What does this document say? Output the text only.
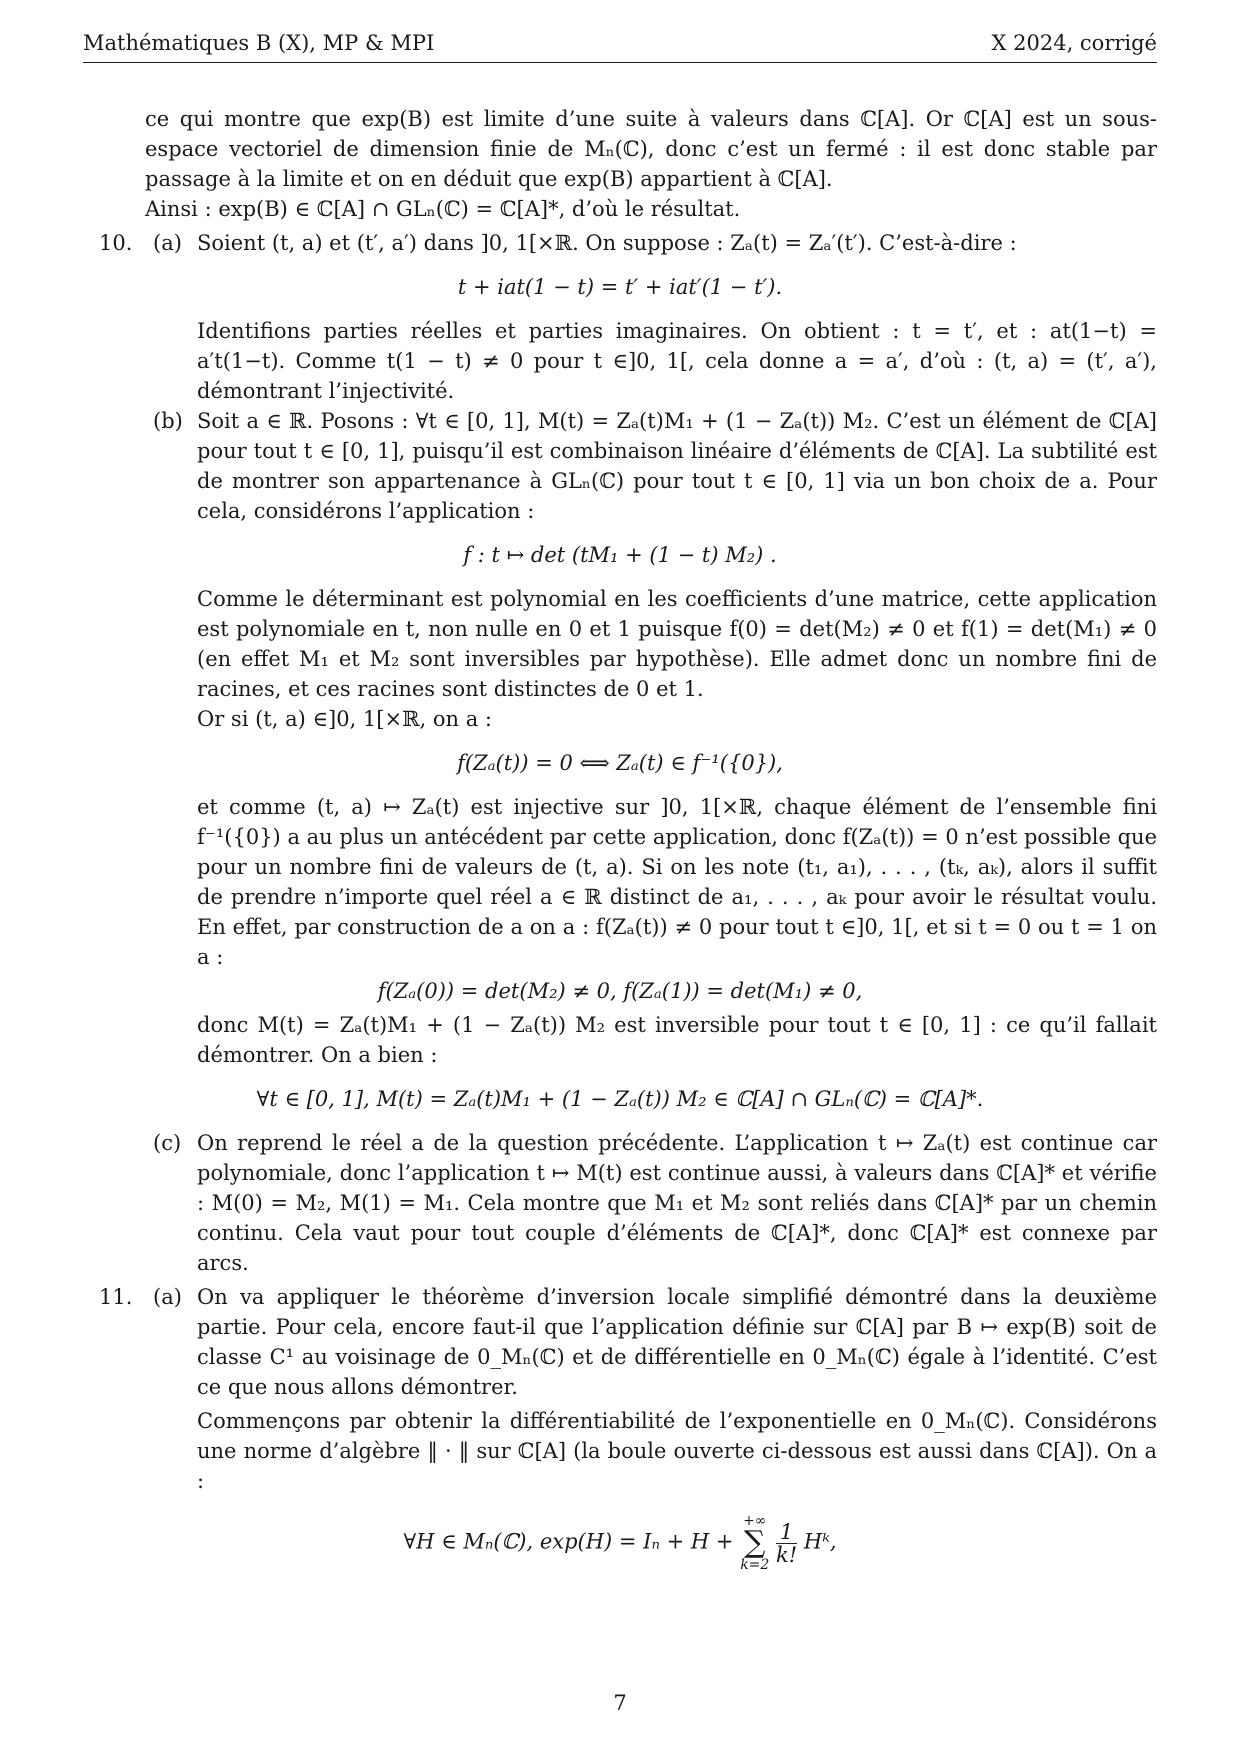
Mathématiques B (X), MP & MPI	X 2024, corrigé

ce qui montre que exp(B) est limite d’une suite à valeurs dans ℂ[A]. Or ℂ[A] est un sous-espace vectoriel de dimension finie de Mₙ(ℂ), donc c’est un fermé : il est donc stable par passage à la limite et on en déduit que exp(B) appartient à ℂ[A].

Ainsi : exp(B) ∈ ℂ[A] ∩ GLₙ(ℂ) = ℂ[A]*, d’où le résultat.

10. (a) Soient (t, a) et (t′, a′) dans ]0, 1[×ℝ. On suppose : Zₐ(t) = Zₐ′(t′). C’est-à-dire :

t + iat(1 − t) = t′ + iat′(1 − t′).

Identifions parties réelles et parties imaginaires. On obtient : t = t′, et : at(1−t) = a′t(1−t). Comme t(1 − t) ≠ 0 pour t ∈]0, 1[, cela donne a = a′, d’où : (t, a) = (t′, a′), démontrant l’injectivité.

(b) Soit a ∈ ℝ. Posons : ∀t ∈ [0, 1], M(t) = Zₐ(t)M₁ + (1 − Zₐ(t)) M₂. C’est un élément de ℂ[A] pour tout t ∈ [0, 1], puisqu’il est combinaison linéaire d’éléments de ℂ[A]. La subtilité est de montrer son appartenance à GLₙ(ℂ) pour tout t ∈ [0, 1] via un bon choix de a. Pour cela, considérons l’application :

f : t ↦ det (tM₁ + (1 − t) M₂) .

Comme le déterminant est polynomial en les coefficients d’une matrice, cette application est polynomiale en t, non nulle en 0 et 1 puisque f(0) = det(M₂) ≠ 0 et f(1) = det(M₁) ≠ 0 (en effet M₁ et M₂ sont inversibles par hypothèse). Elle admet donc un nombre fini de racines, et ces racines sont distinctes de 0 et 1.

Or si (t, a) ∈]0, 1[×ℝ, on a :

f(Zₐ(t)) = 0 ⟺ Zₐ(t) ∈ f⁻¹({0}),

et comme (t, a) ↦ Zₐ(t) est injective sur ]0, 1[×ℝ, chaque élément de l’ensemble fini f⁻¹({0}) a au plus un antécédent par cette application, donc f(Zₐ(t)) = 0 n’est possible que pour un nombre fini de valeurs de (t, a). Si on les note (t₁, a₁), . . . , (tₖ, aₖ), alors il suffit de prendre n’importe quel réel a ∈ ℝ distinct de a₁, . . . , aₖ pour avoir le résultat voulu. En effet, par construction de a on a : f(Zₐ(t)) ≠ 0 pour tout t ∈]0, 1[, et si t = 0 ou t = 1 on a :

f(Zₐ(0)) = det(M₂) ≠ 0, f(Zₐ(1)) = det(M₁) ≠ 0,

donc M(t) = Zₐ(t)M₁ + (1 − Zₐ(t)) M₂ est inversible pour tout t ∈ [0, 1] : ce qu’il fallait démontrer. On a bien :

∀t ∈ [0, 1], M(t) = Zₐ(t)M₁ + (1 − Zₐ(t)) M₂ ∈ ℂ[A] ∩ GLₙ(ℂ) = ℂ[A]*.

(c) On reprend le réel a de la question précédente. L’application t ↦ Zₐ(t) est continue car polynomiale, donc l’application t ↦ M(t) est continue aussi, à valeurs dans ℂ[A]* et vérifie : M(0) = M₂, M(1) = M₁. Cela montre que M₁ et M₂ sont reliés dans ℂ[A]* par un chemin continu. Cela vaut pour tout couple d’éléments de ℂ[A]*, donc ℂ[A]* est connexe par arcs.

11. (a) On va appliquer le théorème d’inversion locale simplifié démontré dans la deuxième partie. Pour cela, encore faut-il que l’application définie sur ℂ[A] par B ↦ exp(B) soit de classe C¹ au voisinage de 0_Mₙ(ℂ) et de différentielle en 0_Mₙ(ℂ) égale à l’identité. C’est ce que nous allons démontrer.

Commençons par obtenir la différentiabilité de l’exponentielle en 0_Mₙ(ℂ). Considérons une norme d’algèbre ‖ · ‖ sur ℂ[A] (la boule ouverte ci-dessous est aussi dans ℂ[A]). On a :

∀H ∈ Mₙ(ℂ), exp(H) = Iₙ + H +
+∞
∑
k=2
$\frac{1}{k!}$ Hᵏ,
7
